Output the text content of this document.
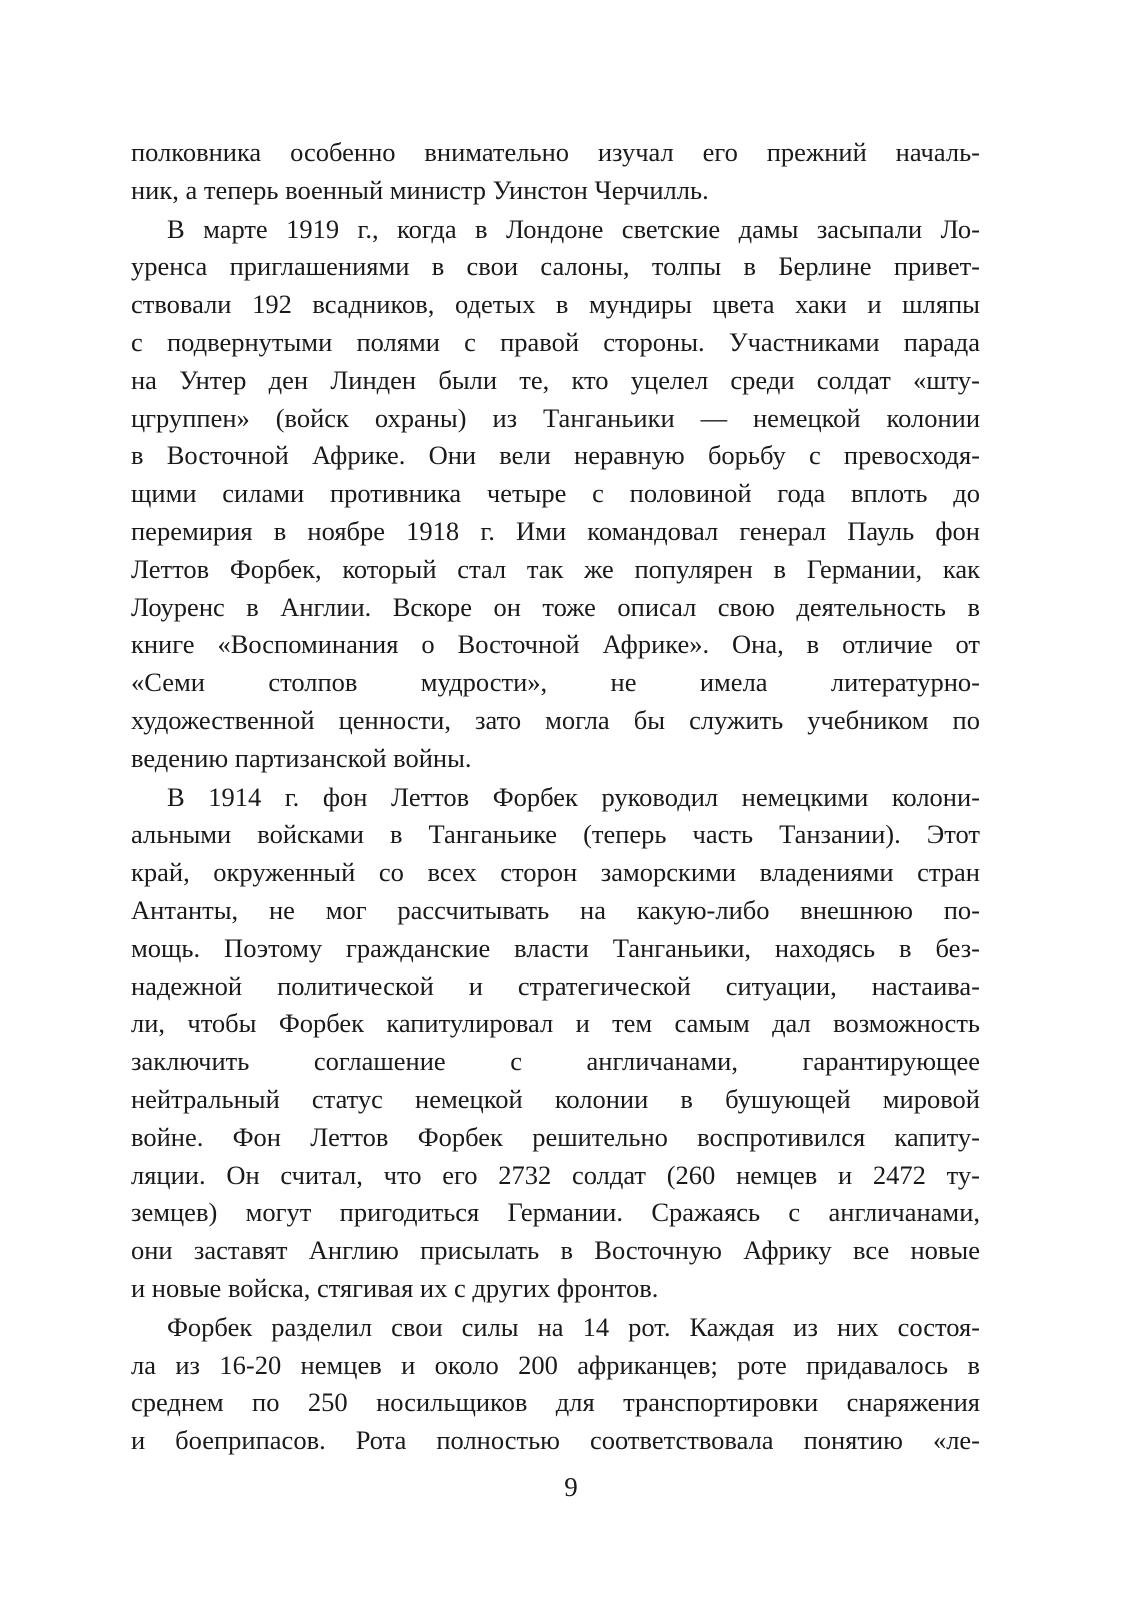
полковника особенно внимательно изучал его прежний началь-
ник, а теперь военный министр Уинстон Черчилль.
В марте 1919 г., когда в Лондоне светские дамы засыпали Ло-
уренса приглашениями в свои салоны, толпы в Берлине привет-
ствовали 192 всадников, одетых в мундиры цвета хаки и шляпы
с подвернутыми полями с правой стороны. Участниками парада
на Унтер ден Линден были те, кто уцелел среди солдат «шту-
цгруппен» (войск охраны) из Танганьики — немецкой колонии
в Восточной Африке. Они вели неравную борьбу с превосходя-
щими силами противника четыре с половиной года вплоть до
перемирия в ноябре 1918 г. Ими командовал генерал Пауль фон
Леттов Форбек, который стал так же популярен в Германии, как
Лоуренс в Англии. Вскоре он тоже описал свою деятельность в
книге «Воспоминания о Восточной Африке». Она, в отличие от
«Семи столпов мудрости», не имела литературно-
художественной ценности, зато могла бы служить учебником по
ведению партизанской войны.
В 1914 г. фон Леттов Форбек руководил немецкими колони-
альными войсками в Танганьике (теперь часть Танзании). Этот
край, окруженный со всех сторон заморскими владениями стран
Антанты, не мог рассчитывать на какую-либо внешнюю по-
мощь. Поэтому гражданские власти Танганьики, находясь в без-
надежной политической и стратегической ситуации, настаива-
ли, чтобы Форбек капитулировал и тем самым дал возможность
заключить соглашение с англичанами, гарантирующее
нейтральный статус немецкой колонии в бушующей мировой
войне. Фон Леттов Форбек решительно воспротивился капиту-
ляции. Он считал, что его 2732 солдат (260 немцев и 2472 ту-
земцев) могут пригодиться Германии. Сражаясь с англичанами,
они заставят Англию присылать в Восточную Африку все новые
и новые войска, стягивая их с других фронтов.
Форбек разделил свои силы на 14 рот. Каждая из них состоя-
ла из 16-20 немцев и около 200 африканцев; роте придавалось в
среднем по 250 носильщиков для транспортировки снаряжения
и боеприпасов. Рота полностью соответствовала понятию «ле-
9
